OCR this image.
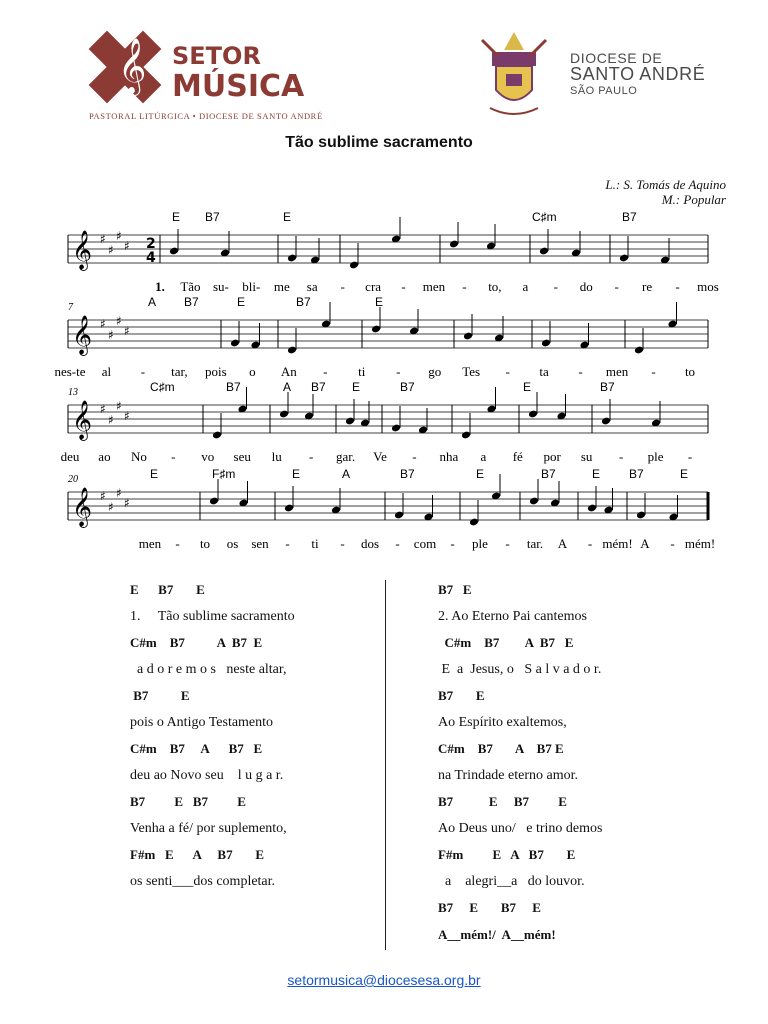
𝄞 SETOR
MÚSICA
PASTORAL LITÚRGICA • DIOCESE DE SANTO ANDRÉ
DIOCESE DE
SANTO ANDRÉ
SÃO PAULO
Tão sublime sacramento
L.: S. Tomás de Aquino
M.: Popular
𝄞 ♯
♯
♯
♯ 2
4
E B7	E	C♯m	B7
1. Tão su- bli- me sa - cra - men - to, a - do - re - mos
𝄞 ♯
♯
♯
♯
7	A B7	E	B7	E
nes-te al - tar, pois o An - ti - go Tes - ta - men - to
𝄞 ♯
♯
♯
♯
13	C♯m	B7	A B7 E	B7	E	B7
deu ao No - vo seu lu - gar. Ve - nha a fé por su - ple -
𝄞 ♯
♯
♯
♯
20	E	F♯m	E	A	B7	E	B7	E B7	E
men - to os sen - ti - dos - com - ple - tar. A - mém! A - mém!
E      B7       E
1.     Tão sublime sacramento
C#m    B7          A  B7  E
a d o r e m o s   neste altar,
B7          E
pois o Antigo Testamento
C#m    B7     A      B7   E
deu ao Novo seu    l u g a r.
B7         E   B7         E
Venha a fé/ por suplemento,
F#m   E      A     B7       E
os senti___dos completar.
B7   E
2. Ao Eterno Pai cantemos
C#m    B7        A  B7   E
E  a  Jesus, o   S a l v a d o r.
B7       E
Ao Espírito exaltemos,
C#m    B7       A    B7 E
na Trindade eterno amor.
B7           E     B7         E
Ao Deus uno/   e trino demos
F#m         E   A   B7       E
a    alegri__a   do louvor.
B7     E       B7     E
A__mém!/  A__mém!
setormusica@diocesesa.org.br
